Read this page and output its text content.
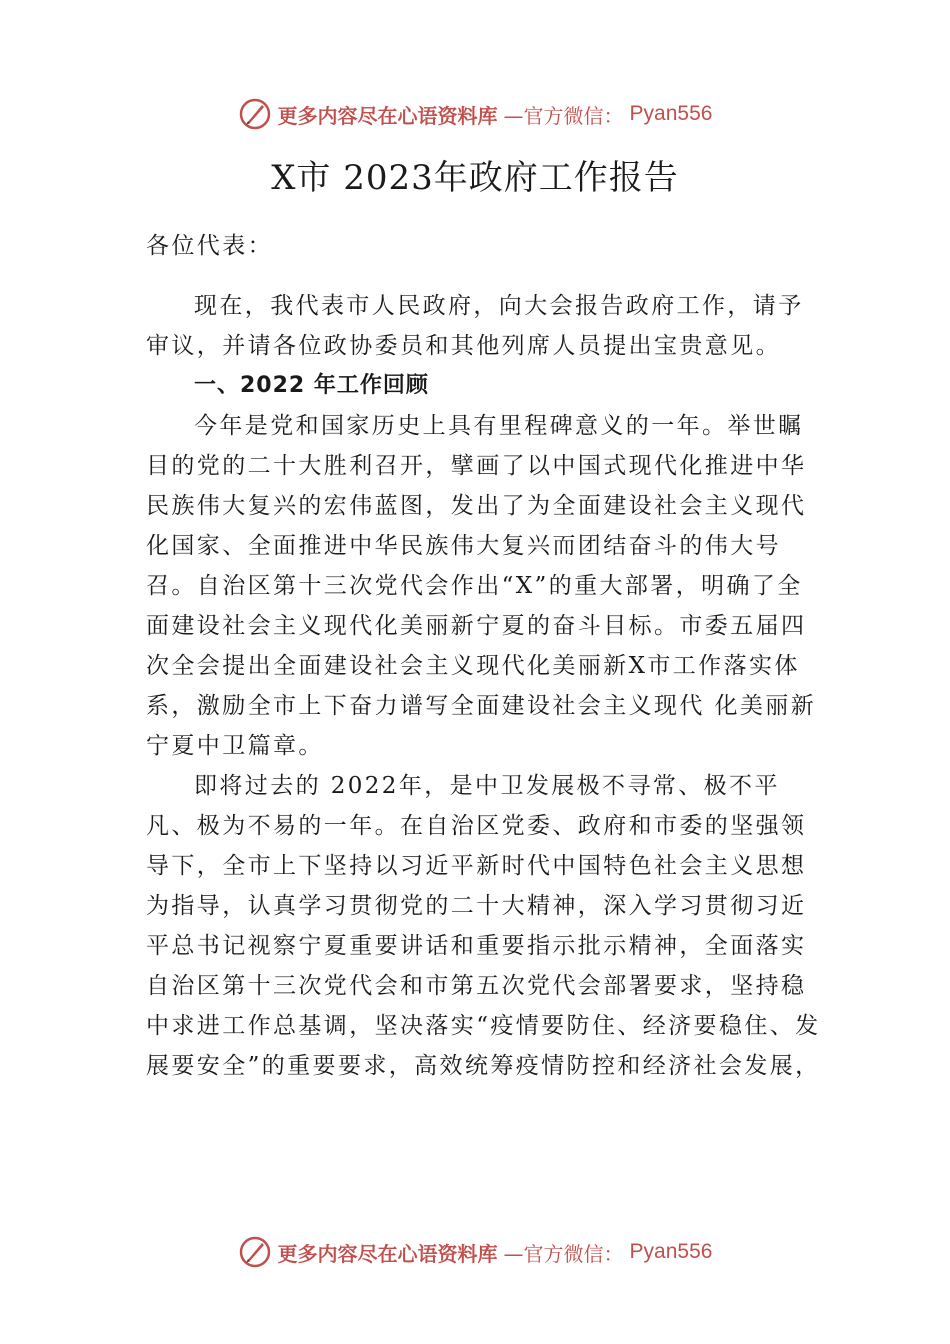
更多内容尽在心语资料库 —官方微信： Pyan556
X市 2023年政府工作报告
各位代表：
现在，我代表市人民政府，向大会报告政府工作，请予审议，并请各位政协委员和其他列席人员提出宝贵意见。
一、2022 年工作回顾
今年是党和国家历史上具有里程碑意义的一年。举世瞩目的党的二十大胜利召开，擘画了以中国式现代化推进中华民族伟大复兴的宏伟蓝图，发出了为全面建设社会主义现代化国家、全面推进中华民族伟大复兴而团结奋斗的伟大号召。自治区第十三次党代会作出“X”的重大部署，明确了全面建设社会主义现代化美丽新宁夏的奋斗目标。市委五届四次全会提出全面建设社会主义现代化美丽新X市工作落实体系，激励全市上下奋力谱写全面建设社会主义现代 化美丽新宁夏中卫篇章。
即将过去的 2022年，是中卫发展极不寻常、极不平凡、极为不易的一年。在自治区党委、政府和市委的坚强领导下，全市上下坚持以习近平新时代中国特色社会主义思想为指导，认真学习贯彻党的二十大精神，深入学习贯彻习近平总书记视察宁夏重要讲话和重要指示批示精神，全面落实自治区第十三次党代会和市第五次党代会部署要求，坚持稳中求进工作总基调，坚决落实“疫情要防住、经济要稳住、发展要安全”的重要要求，高效统筹疫情防控和经济社会发展，
更多内容尽在心语资料库 —官方微信： Pyan556
